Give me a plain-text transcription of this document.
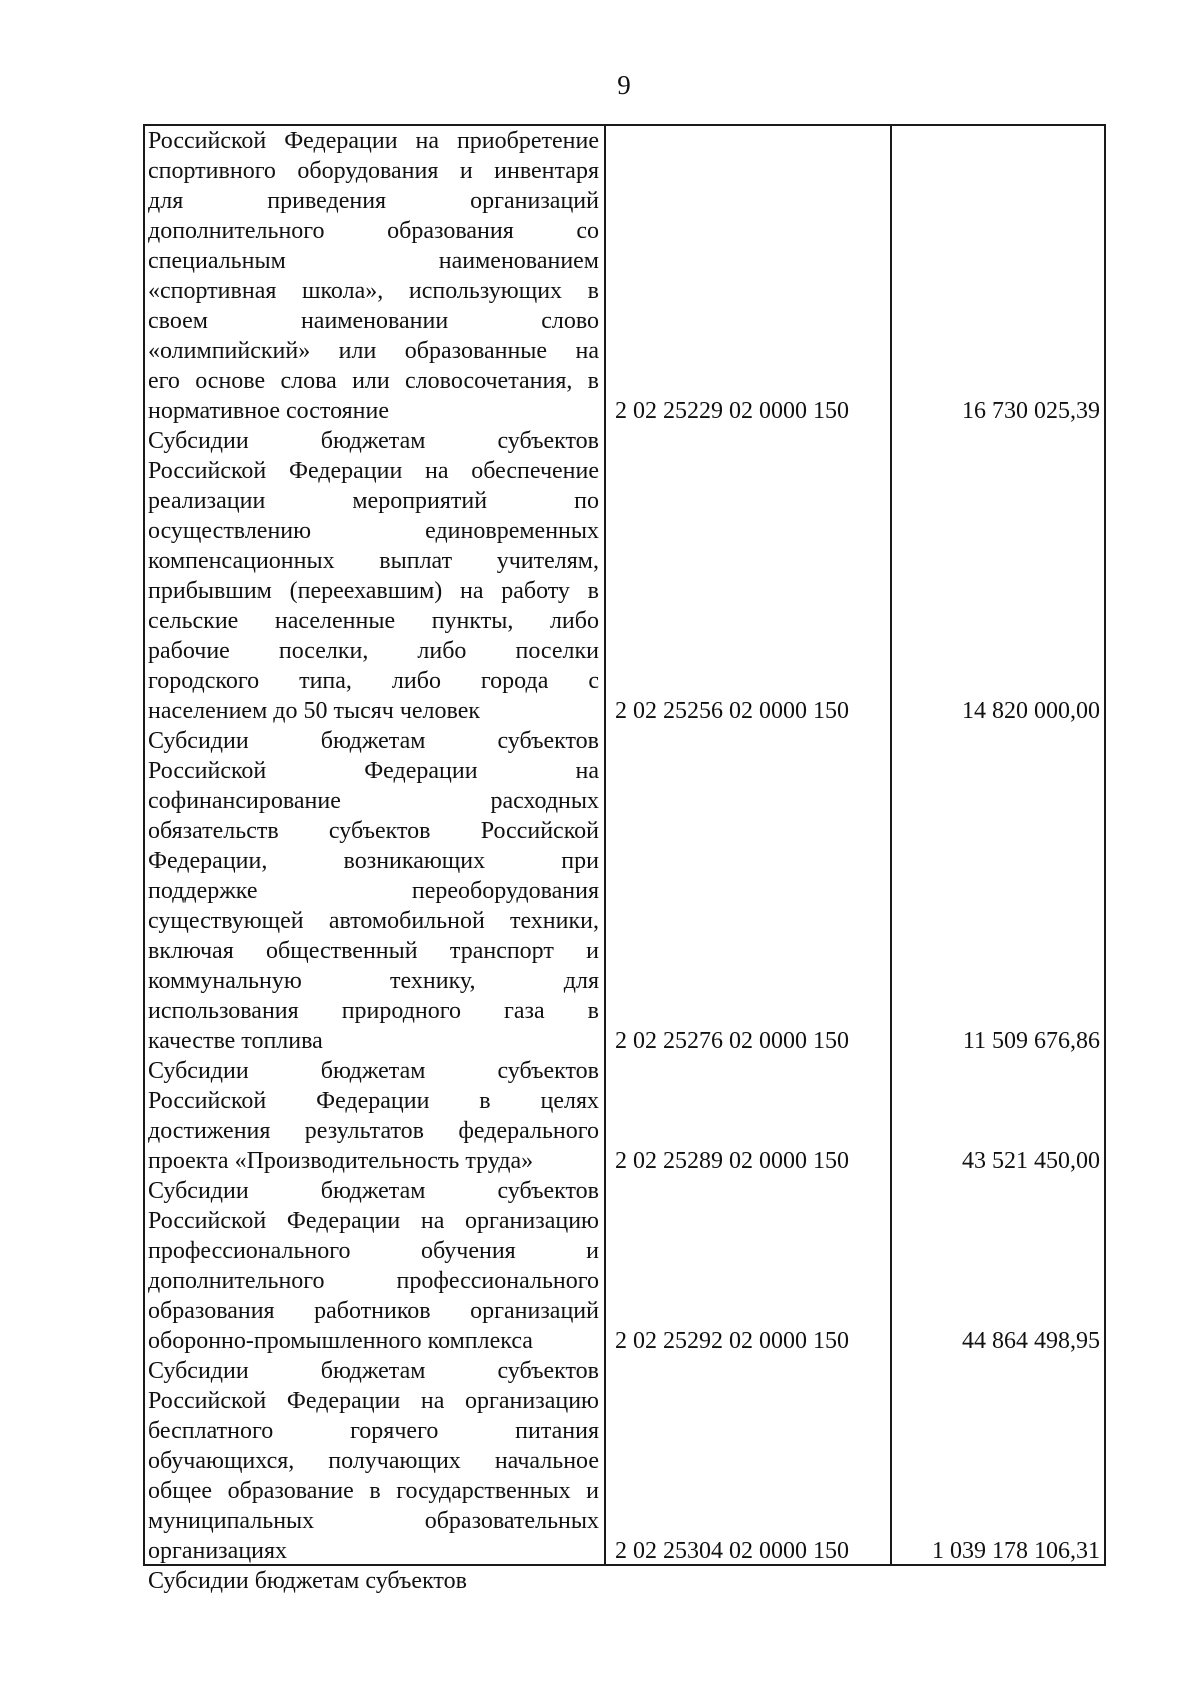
9
Российской Федерации на приобретение
спортивного оборудования и инвентаря
для приведения организаций
дополнительного образования со
специальным наименованием
«спортивная школа», использующих в
своем наименовании слово
«олимпийский» или образованные на
его основе слова или словосочетания, в
нормативное состояние	2 02 25229 02 0000 150	16 730 025,39
Субсидии бюджетам субъектов
Российской Федерации на обеспечение
реализации мероприятий по
осуществлению единовременных
компенсационных выплат учителям,
прибывшим (переехавшим) на работу в
сельские населенные пункты, либо
рабочие поселки, либо поселки
городского типа, либо города с
населением до 50 тысяч человек	2 02 25256 02 0000 150	14 820 000,00
Субсидии бюджетам субъектов
Российской Федерации на
софинансирование расходных
обязательств субъектов Российской
Федерации, возникающих при
поддержке переоборудования
существующей автомобильной техники,
включая общественный транспорт и
коммунальную технику, для
использования природного газа в
качестве топлива	2 02 25276 02 0000 150	11 509 676,86
Субсидии бюджетам субъектов
Российской Федерации в целях
достижения результатов федерального
проекта «Производительность труда»	2 02 25289 02 0000 150	43 521 450,00
Субсидии бюджетам субъектов
Российской Федерации на организацию
профессионального обучения и
дополнительного профессионального
образования работников организаций
оборонно-промышленного комплекса	2 02 25292 02 0000 150	44 864 498,95
Субсидии бюджетам субъектов
Российской Федерации на организацию
бесплатного горячего питания
обучающихся, получающих начальное
общее образование в государственных и
муниципальных образовательных
организациях	2 02 25304 02 0000 150	1 039 178 106,31
Субсидии бюджетам субъектов
